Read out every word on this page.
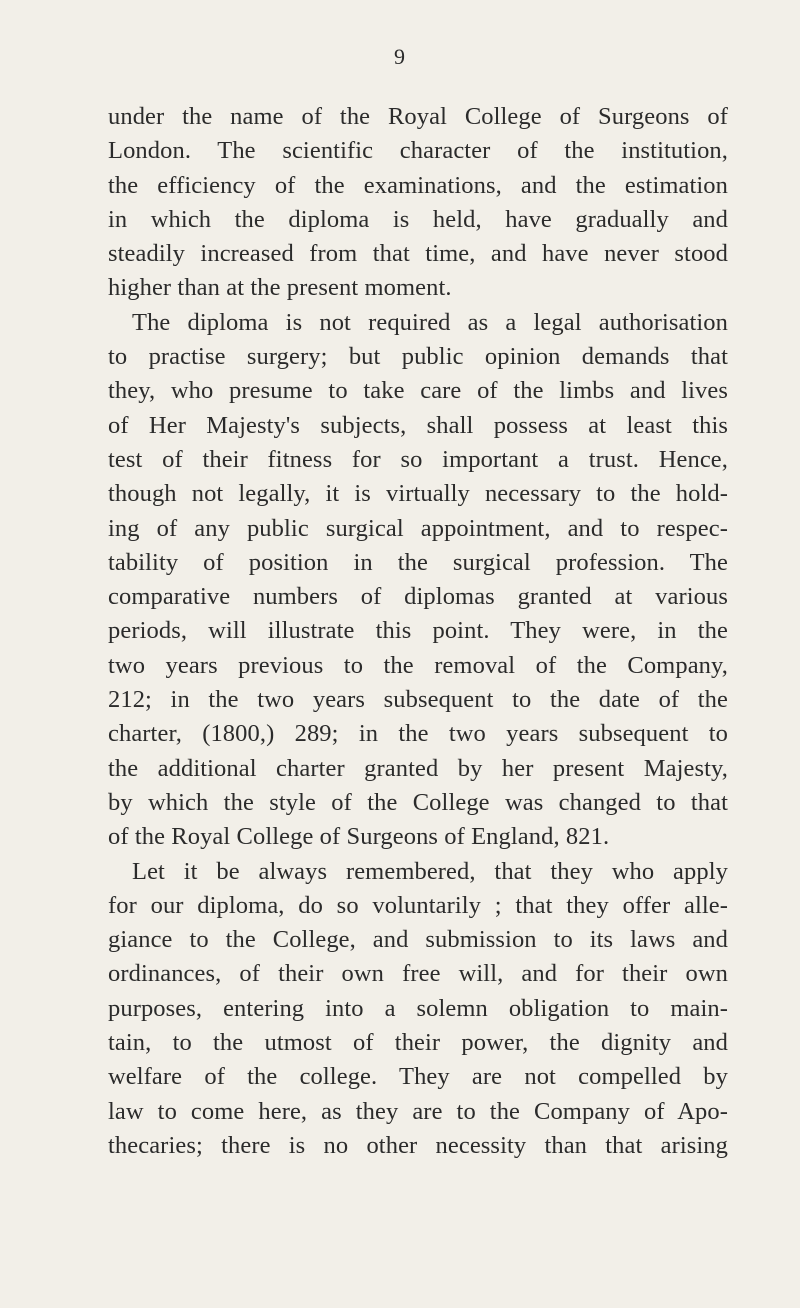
9
under the name of the Royal College of Surgeons of
London. The scientific character of the institution,
the efficiency of the examinations, and the estimation
in which the diploma is held, have gradually and
steadily increased from that time, and have never stood
higher than at the present moment.
The diploma is not required as a legal authorisation
to practise surgery; but public opinion demands that
they, who presume to take care of the limbs and lives
of Her Majesty's subjects, shall possess at least this
test of their fitness for so important a trust. Hence,
though not legally, it is virtually necessary to the hold-
ing of any public surgical appointment, and to respec-
tability of position in the surgical profession. The
comparative numbers of diplomas granted at various
periods, will illustrate this point. They were, in the
two years previous to the removal of the Company,
212; in the two years subsequent to the date of the
charter, (1800,) 289; in the two years subsequent to
the additional charter granted by her present Majesty,
by which the style of the College was changed to that
of the Royal College of Surgeons of England, 821.
Let it be always remembered, that they who apply
for our diploma, do so voluntarily ; that they offer alle-
giance to the College, and submission to its laws and
ordinances, of their own free will, and for their own
purposes, entering into a solemn obligation to main-
tain, to the utmost of their power, the dignity and
welfare of the college. They are not compelled by
law to come here, as they are to the Company of Apo-
thecaries; there is no other necessity than that arising
